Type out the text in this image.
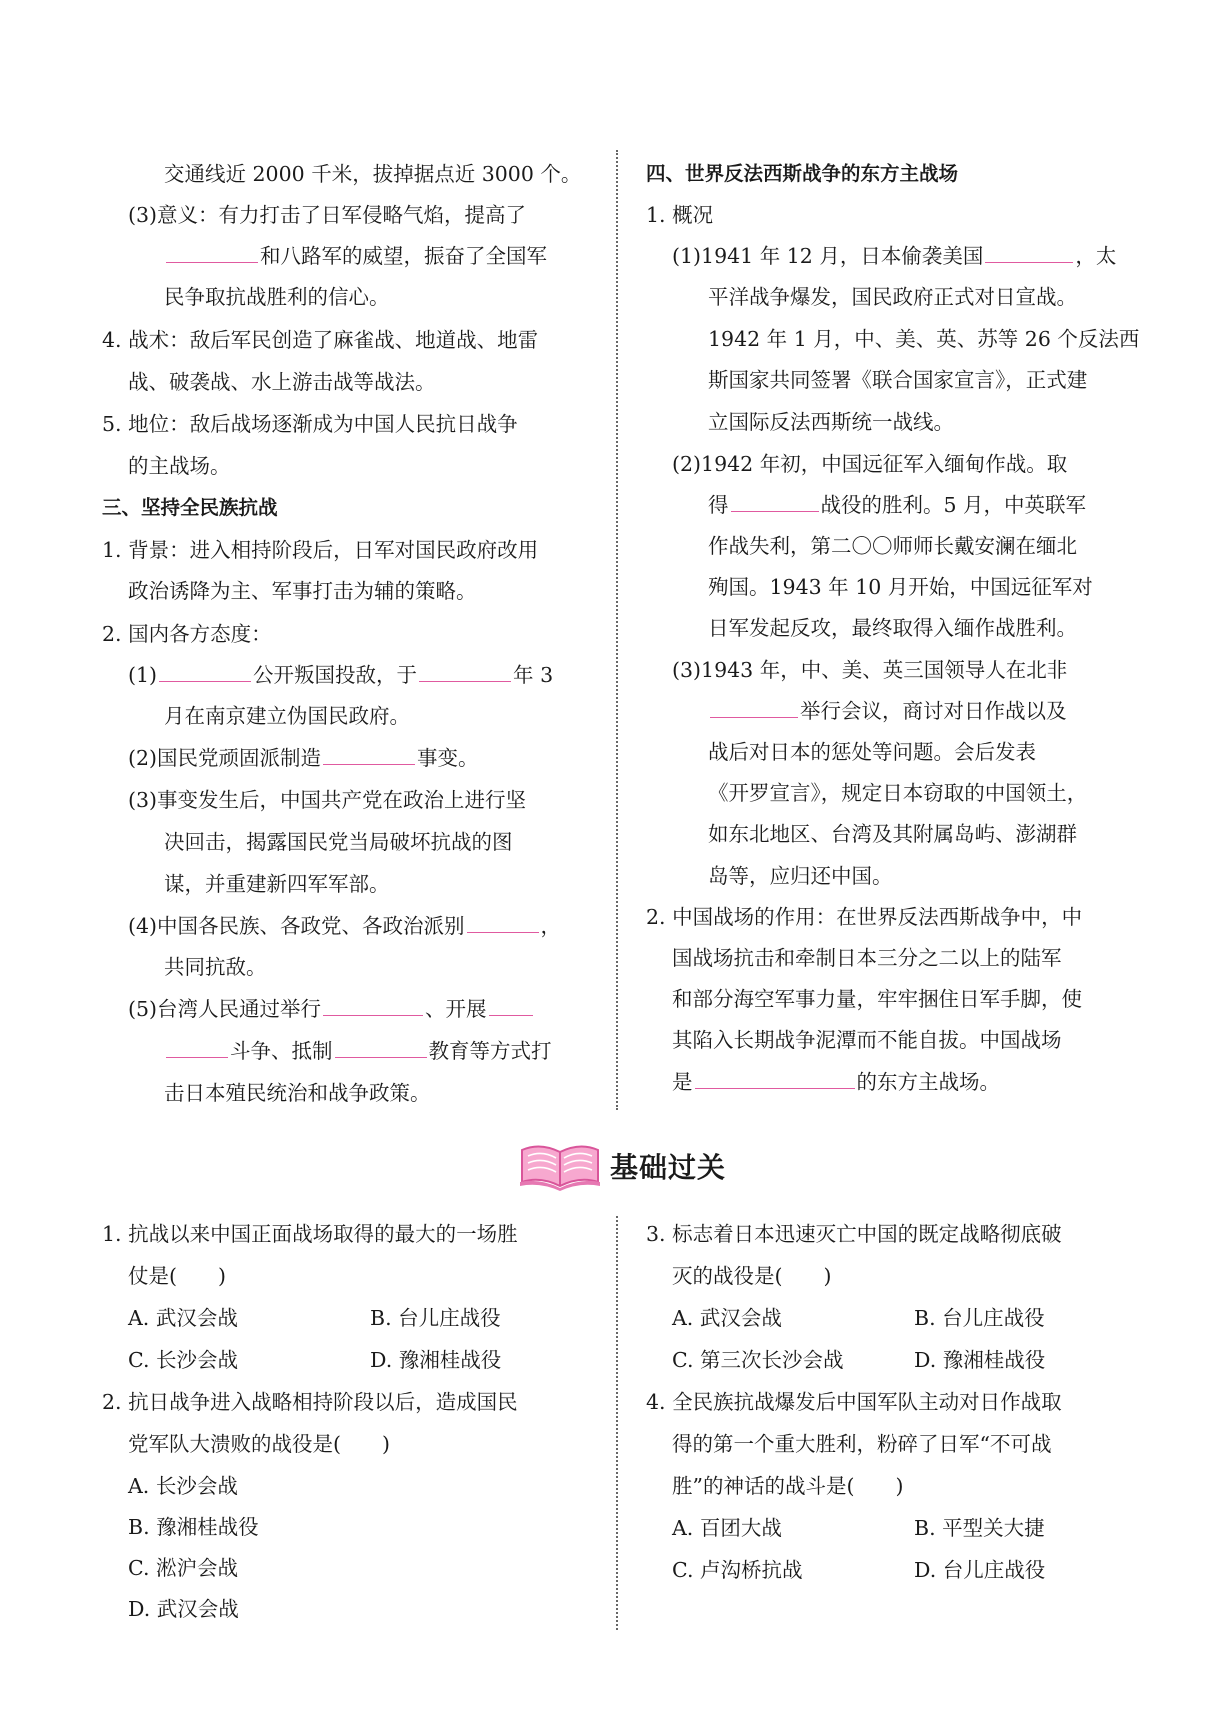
交通线近 2000 千米，拔掉据点近 3000 个。
(3)意义：有力打击了日军侵略气焰，提高了
和八路军的威望，振奋了全国军
民争取抗战胜利的信心。
4. 战术：敌后军民创造了麻雀战、地道战、地雷
战、破袭战、水上游击战等战法。
5. 地位：敌后战场逐渐成为中国人民抗日战争
的主战场。
三、坚持全民族抗战
1. 背景：进入相持阶段后，日军对国民政府改用
政治诱降为主、军事打击为辅的策略。
2. 国内各方态度：
(1)	公开叛国投敌，于	年 3
月在南京建立伪国民政府。
(2)国民党顽固派制造	事变。
(3)事变发生后，中国共产党在政治上进行坚
决回击，揭露国民党当局破坏抗战的图
谋，并重建新四军军部。
(4)中国各民族、各政党、各政治派别	，
共同抗敌。
(5)台湾人民通过举行	、开展
斗争、抵制	教育等方式打
击日本殖民统治和战争政策。
四、世界反法西斯战争的东方主战场
1. 概况
(1)1941 年 12 月，日本偷袭美国	，太
平洋战争爆发，国民政府正式对日宣战。
1942 年 1 月，中、美、英、苏等 26 个反法西
斯国家共同签署《联合国家宣言》，正式建
立国际反法西斯统一战线。
(2)1942 年初，中国远征军入缅甸作战。取
得	战役的胜利。5 月，中英联军
作战失利，第二〇〇师师长戴安澜在缅北
殉国。1943 年 10 月开始，中国远征军对
日军发起反攻，最终取得入缅作战胜利。
(3)1943 年，中、美、英三国领导人在北非
举行会议，商讨对日作战以及
战后对日本的惩处等问题。会后发表
《开罗宣言》，规定日本窃取的中国领土，
如东北地区、台湾及其附属岛屿、澎湖群
岛等，应归还中国。
2. 中国战场的作用：在世界反法西斯战争中，中
国战场抗击和牵制日本三分之二以上的陆军
和部分海空军事力量，牢牢捆住日军手脚，使
其陷入长期战争泥潭而不能自拔。中国战场
是	的东方主战场。
基础过关
1. 抗战以来中国正面战场取得的最大的一场胜
仗是(　　)
A. 武汉会战	B. 台儿庄战役
C. 长沙会战	D. 豫湘桂战役
2. 抗日战争进入战略相持阶段以后，造成国民
党军队大溃败的战役是(　　)
A. 长沙会战
B. 豫湘桂战役
C. 淞沪会战
D. 武汉会战
3. 标志着日本迅速灭亡中国的既定战略彻底破
灭的战役是(　　)
A. 武汉会战	B. 台儿庄战役
C. 第三次长沙会战	D. 豫湘桂战役
4. 全民族抗战爆发后中国军队主动对日作战取
得的第一个重大胜利，粉碎了日军“不可战
胜”的神话的战斗是(　　)
A. 百团大战	B. 平型关大捷
C. 卢沟桥抗战	D. 台儿庄战役
